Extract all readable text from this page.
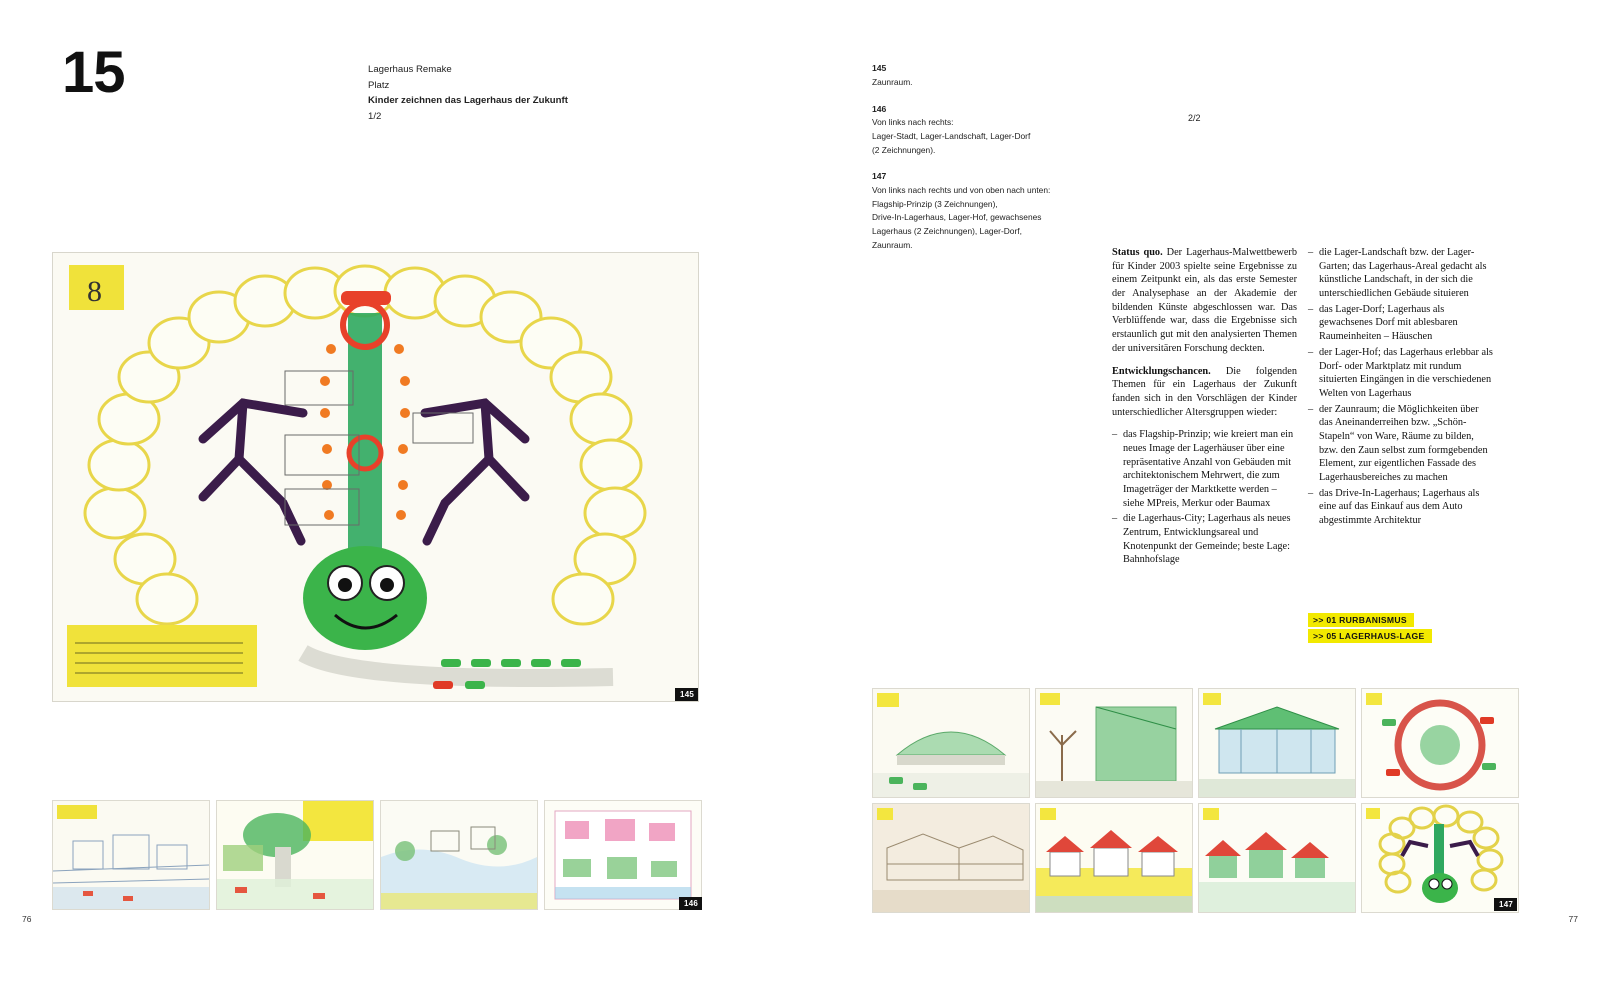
15	Lagerhaus Remake
Platz
Kinder zeichnen das Lagerhaus der Zukunft
1/2
8
145
146
76
145
Zaunraum.
146
Von links nach rechts:
Lager-Stadt, Lager-Landschaft, Lager-Dorf
(2 Zeichnungen).
147
Von links nach rechts und von oben nach unten:
Flagship-Prinzip (3 Zeichnungen),
Drive-In-Lagerhaus, Lager-Hof, gewachsenes
Lagerhaus (2 Zeichnungen), Lager-Dorf,
Zaunraum.
2/2

Status quo. Der Lagerhaus-Malwettbewerb für Kinder 2003 spielte seine Ergebnisse zu einem Zeitpunkt ein, als das erste Semester der Analysephase an der Akademie der bildenden Künste abgeschlossen war. Das Verblüffende war, dass die Ergebnisse sich erstaunlich gut mit den analysierten Themen der universitären Forschung deckten.

Entwicklungschancen. Die folgenden Themen für ein Lagerhaus der Zukunft fanden sich in den Vorschlägen der Kinder unterschiedlicher Altersgruppen wieder:

– das Flagship-Prinzip; wie kreiert man ein neues Image der Lagerhäuser über eine repräsentative Anzahl von Gebäuden mit architektonischem Mehrwert, die zum Imageträger der Marktkette werden – siehe MPreis, Merkur oder Baumax
– die Lagerhaus-City; Lagerhaus als neues Zentrum, Entwicklungsareal und Knotenpunkt der Gemeinde; beste Lage: Bahnhofslage
– die Lager-Landschaft bzw. der Lager-Garten; das Lagerhaus-Areal gedacht als künstliche Landschaft, in der sich die unterschiedlichen Gebäude situieren
– das Lager-Dorf; Lagerhaus als gewachsenes Dorf mit ablesbaren Raumeinheiten – Häuschen
– der Lager-Hof; das Lagerhaus erlebbar als Dorf- oder Marktplatz mit rundum situierten Eingängen in die verschiedenen Welten von Lagerhaus
– der Zaunraum; die Möglichkeiten über das Aneinanderreihen bzw. „Schön-Stapeln“ von Ware, Räume zu bilden, bzw. den Zaun selbst zum formgebenden Element, zur eigentlichen Fassade des Lagerhausbereiches zu machen
– das Drive-In-Lagerhaus; Lagerhaus als eine auf das Einkauf aus dem Auto abgestimmte Architektur
>> 01 RURBANISMUS
>> 05 LAGERHAUS-LAGE
147
77
